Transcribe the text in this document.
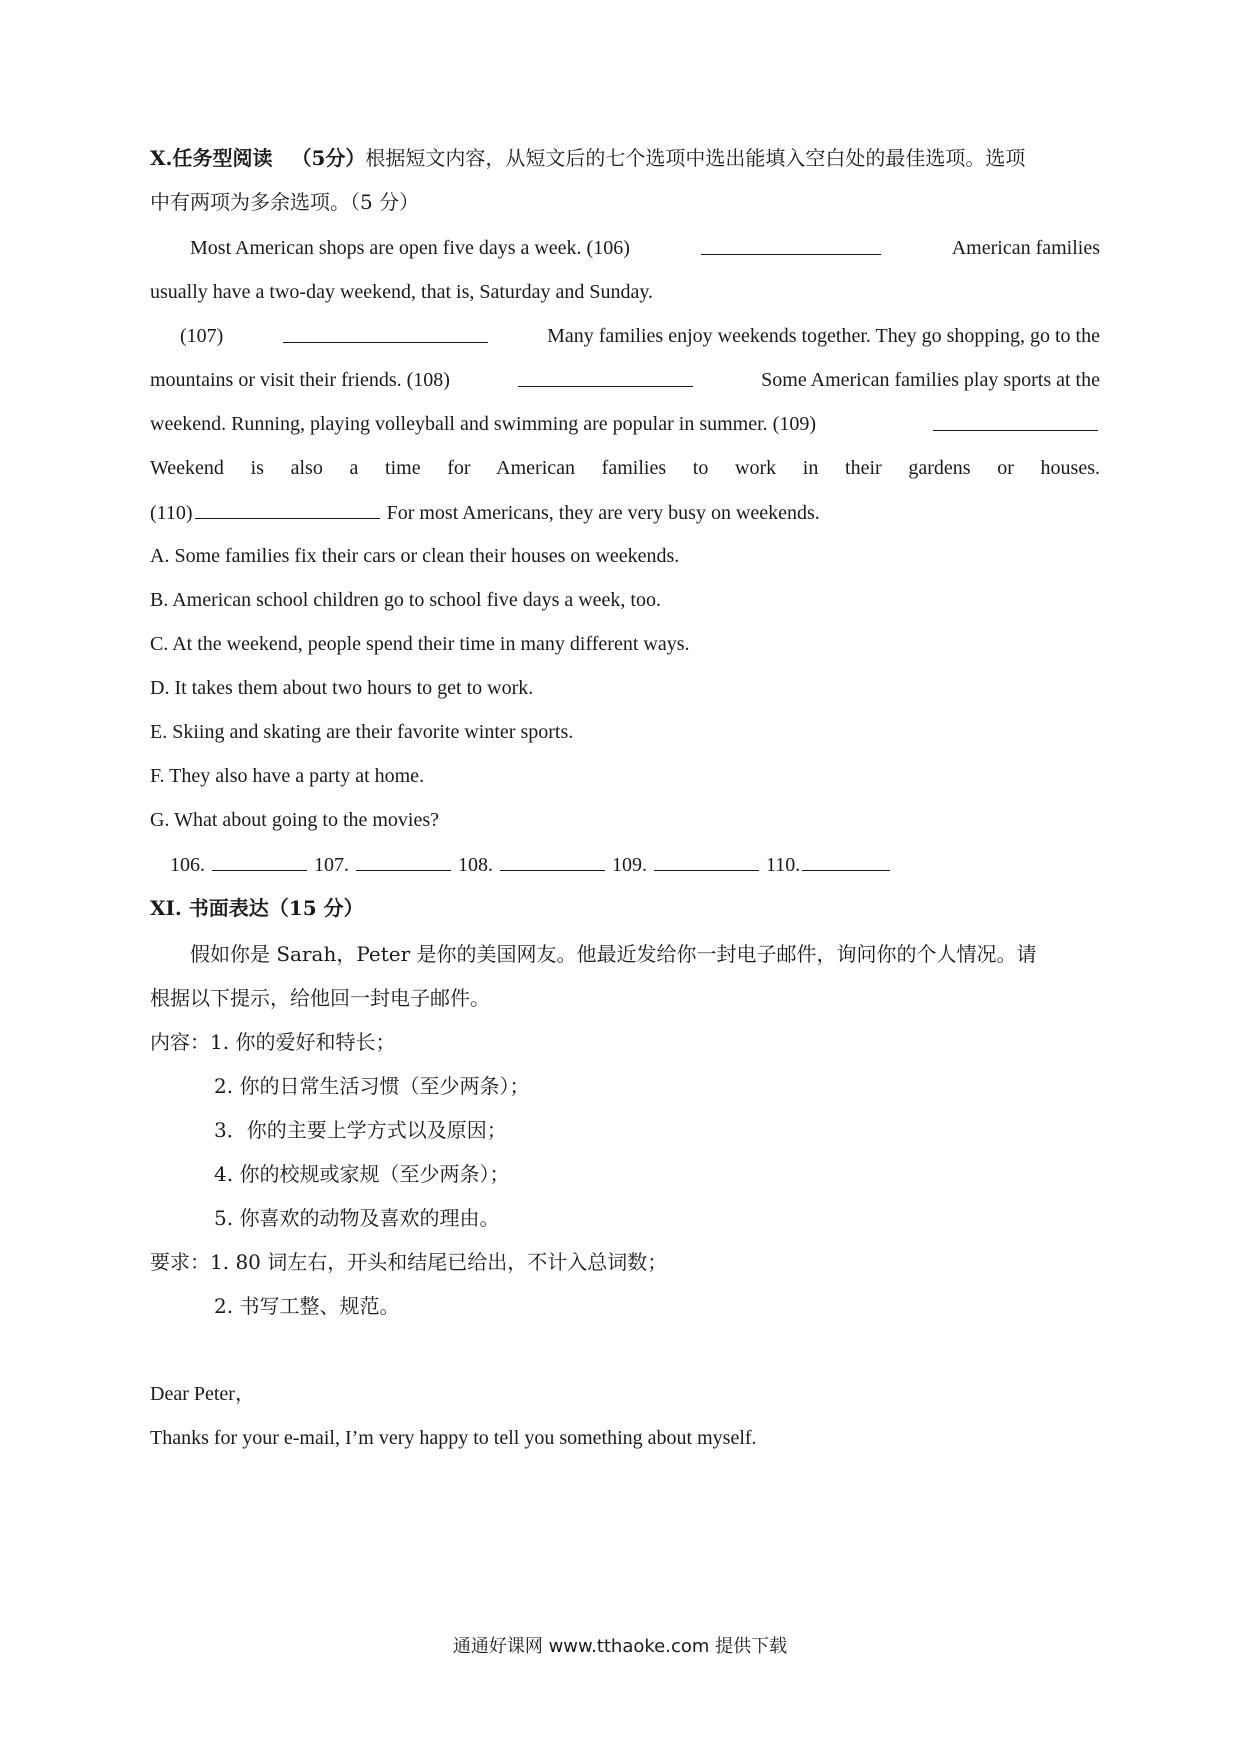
X.任务型阅读 （5分）根据短文内容，从短文后的七个选项中选出能填入空白处的最佳选项。选项
中有两项为多余选项。（5 分）
Most American shops are open five days a week. (106)	American families
usually have a two-day weekend, that is, Saturday and Sunday.
(107)	Many families enjoy weekends together. They go shopping, go to the
mountains or visit their friends. (108)	Some American families play sports at the
weekend. Running, playing volleyball and swimming are popular in summer. (109)
Weekend is also a time for American families to work in their gardens or houses.
(110)	For most Americans, they are very busy on weekends.
A. Some families fix their cars or clean their houses on weekends.
B. American school children go to school five days a week, too.
C. At the weekend, people spend their time in many different ways.
D. It takes them about two hours to get to work.
E. Skiing and skating are their favorite winter sports.
F. They also have a party at home.
G. What about going to the movies?
106.	107.	108.	109.	110.
XI. 书面表达（15 分）
假如你是 Sarah，Peter 是你的美国网友。他最近发给你一封电子邮件，询问你的个人情况。请
根据以下提示，给他回一封电子邮件。
内容：1. 你的爱好和特长；
2. 你的日常生活习惯（至少两条）；
3．你的主要上学方式以及原因；
4. 你的校规或家规（至少两条）；
5. 你喜欢的动物及喜欢的理由。
要求：1. 80 词左右，开头和结尾已给出，不计入总词数；
2. 书写工整、规范。
Dear Peter，
Thanks for your e-mail, I’m very happy to tell you something about myself.
通通好课网 www.tthaoke.com 提供下载
